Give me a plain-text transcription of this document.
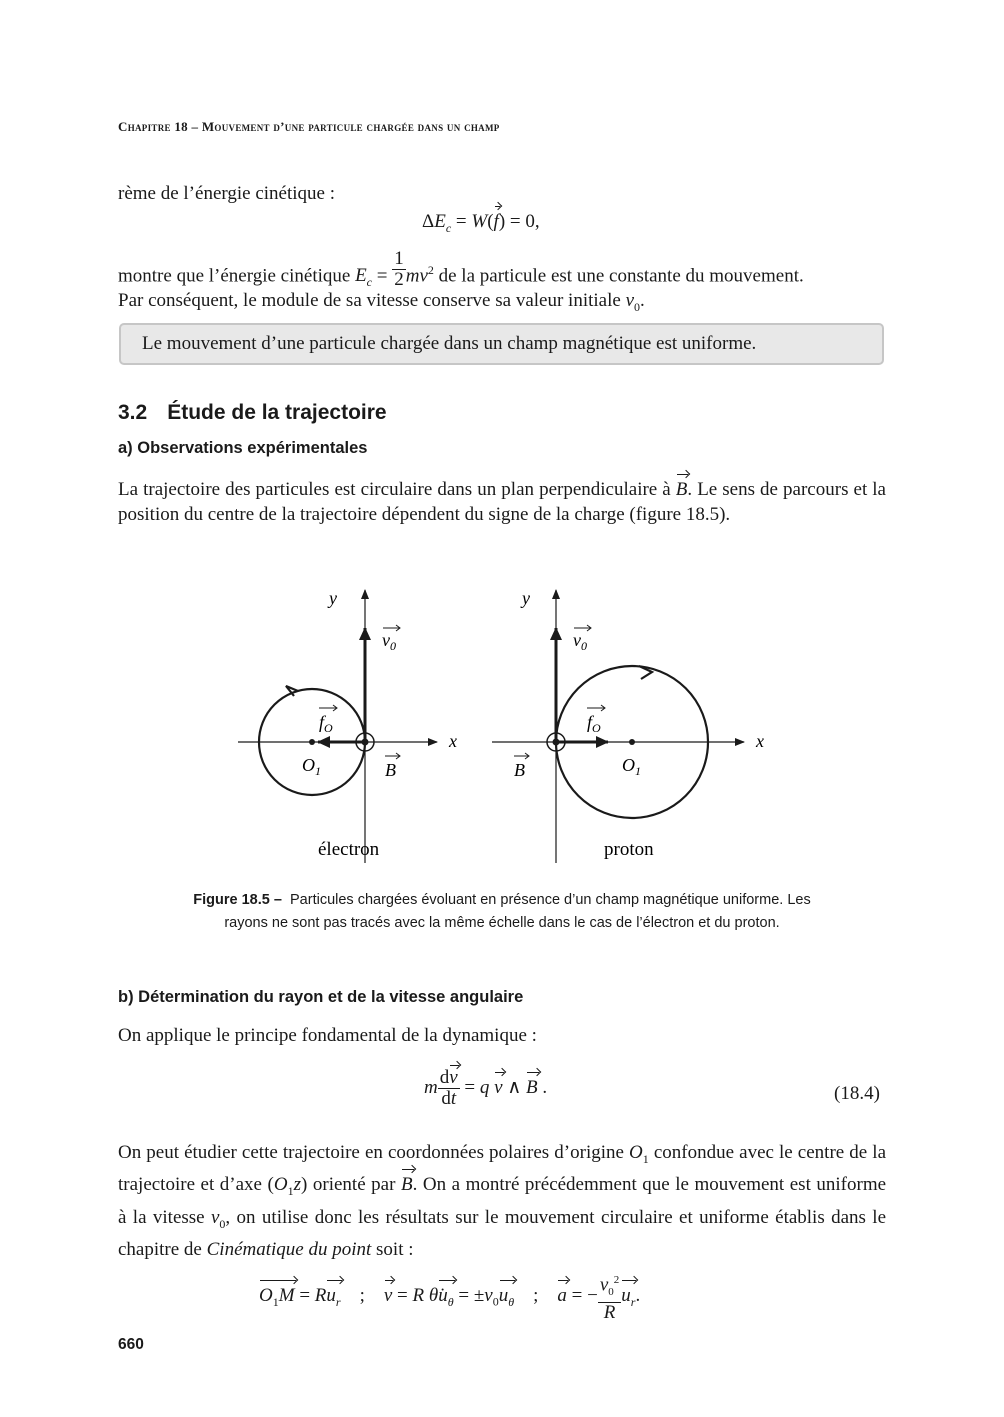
Chapitre 18 – Mouvement d’une particule chargée dans un champ
rème de l’énergie cinétique :
$\Delta E_c = W(f) = 0$,
montre que l’énergie cinétique $E_c = \frac{1}{2} mv^2$ de la particule est une constante du mouvement.
Par conséquent, le module de sa vitesse conserve sa valeur initiale $v_0$.
Le mouvement d’une particule chargée dans un champ magnétique est uniforme.
3.2 Étude de la trajectoire
a) Observations expérimentales
La trajectoire des particules est circulaire dans un plan perpendiculaire à B. Le sens de parcours et la position du centre de la trajectoire dépendent du signe de la charge (figure 18.5).
y
x
$v_0$
$f_O$
$O_1$	B
électron
y
x
$v_0$
$f_O$
$O_1$
B
proton
Figure 18.5 – Particules chargées évoluant en présence d’un champ magnétique uniforme. Les rayons ne sont pas tracés avec la même échelle dans le cas de l’électron et du proton.
b) Détermination du rayon et de la vitesse angulaire
On applique le principe fondamental de la dynamique :
m $\frac{dv}{dt} = q$ v ∧ B .	(18.4)
On peut étudier cette trajectoire en coordonnées polaires d’origine $O_1$ confondue avec le centre de la trajectoire et d’axe $(O_1z)$ orienté par B. On a montré précédemment que le mouvement est uniforme à la vitesse $v_0$, on utilise donc les résultats sur le mouvement circulaire et uniforme établis dans le chapitre de Cinématique du point soit :
$O_1M = Ru_r$    ;    v = R $\thetȧu_\theta = \pm v_0u_\theta$    ;    a = − $\frac{v_0^2}{R} u_r$.
660
